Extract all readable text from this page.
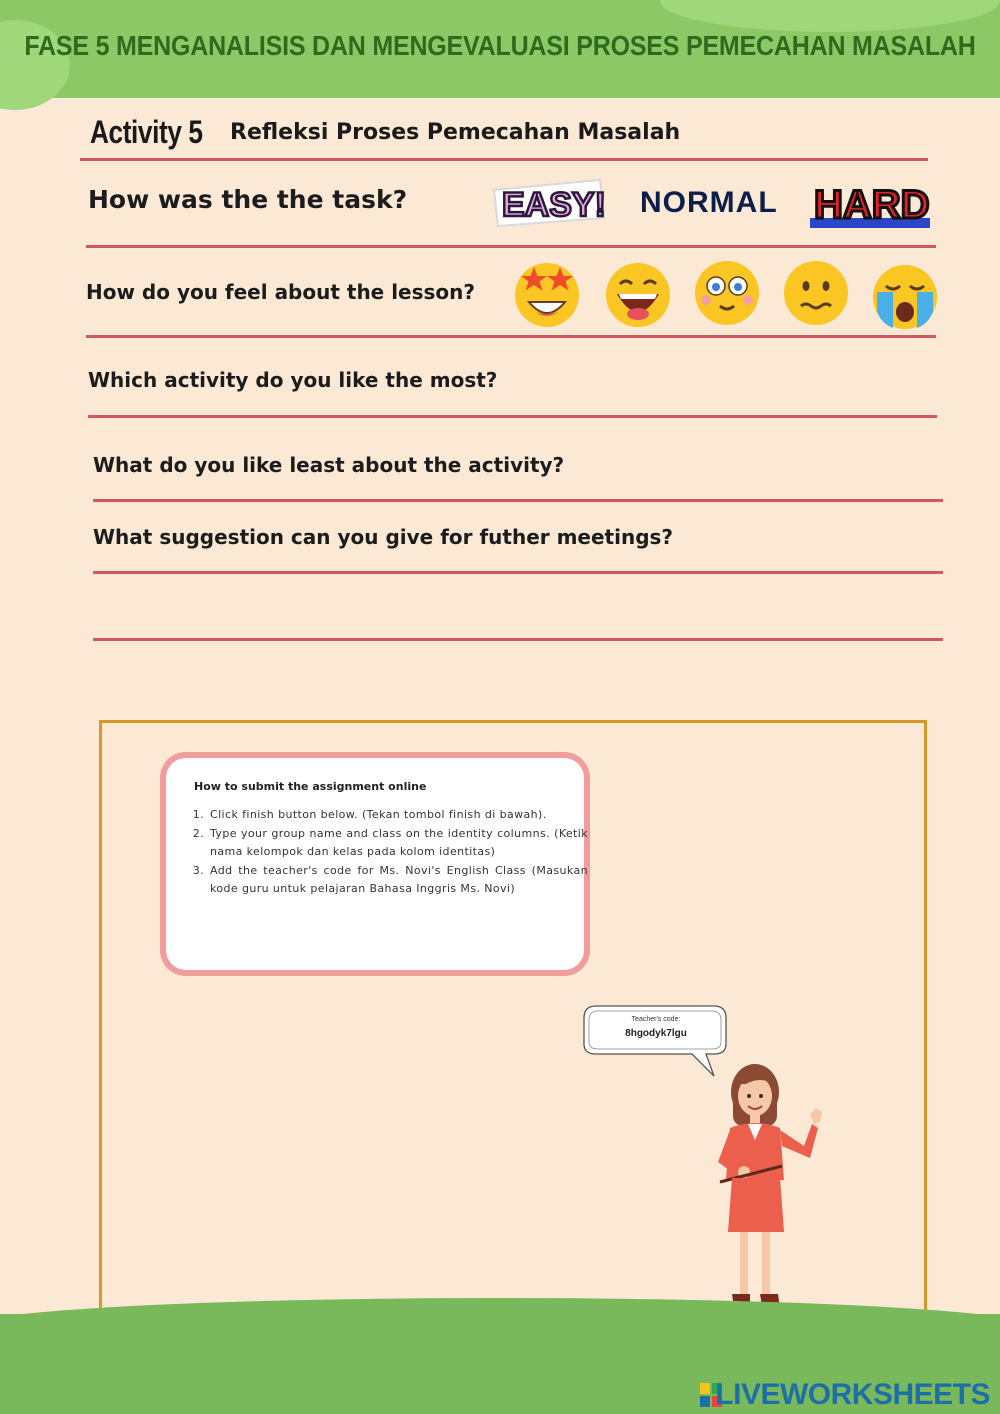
FASE 5 MENGANALISIS DAN MENGEVALUASI PROSES PEMECAHAN MASALAH
Activity 5 Refleksi Proses Pemecahan Masalah
How was the the task?	EASY! NORMAL HARD
How do you feel about the lesson?
Which activity do you like the most?
What do you like least about the activity?
What suggestion can you give for futher meetings?
How to submit the assignment online
1. Click finish button below. (Tekan tombol finish di bawah).
2. Type your group name and class on the identity columns. (Ketik nama kelompok dan kelas pada kolom identitas)
3. Add the teacher's code for Ms. Novi's English Class (Masukan kode guru untuk pelajaran Bahasa Inggris Ms. Novi)
Teacher's code:
8hgodyk7lgu
LIVEWORKSHEETS
